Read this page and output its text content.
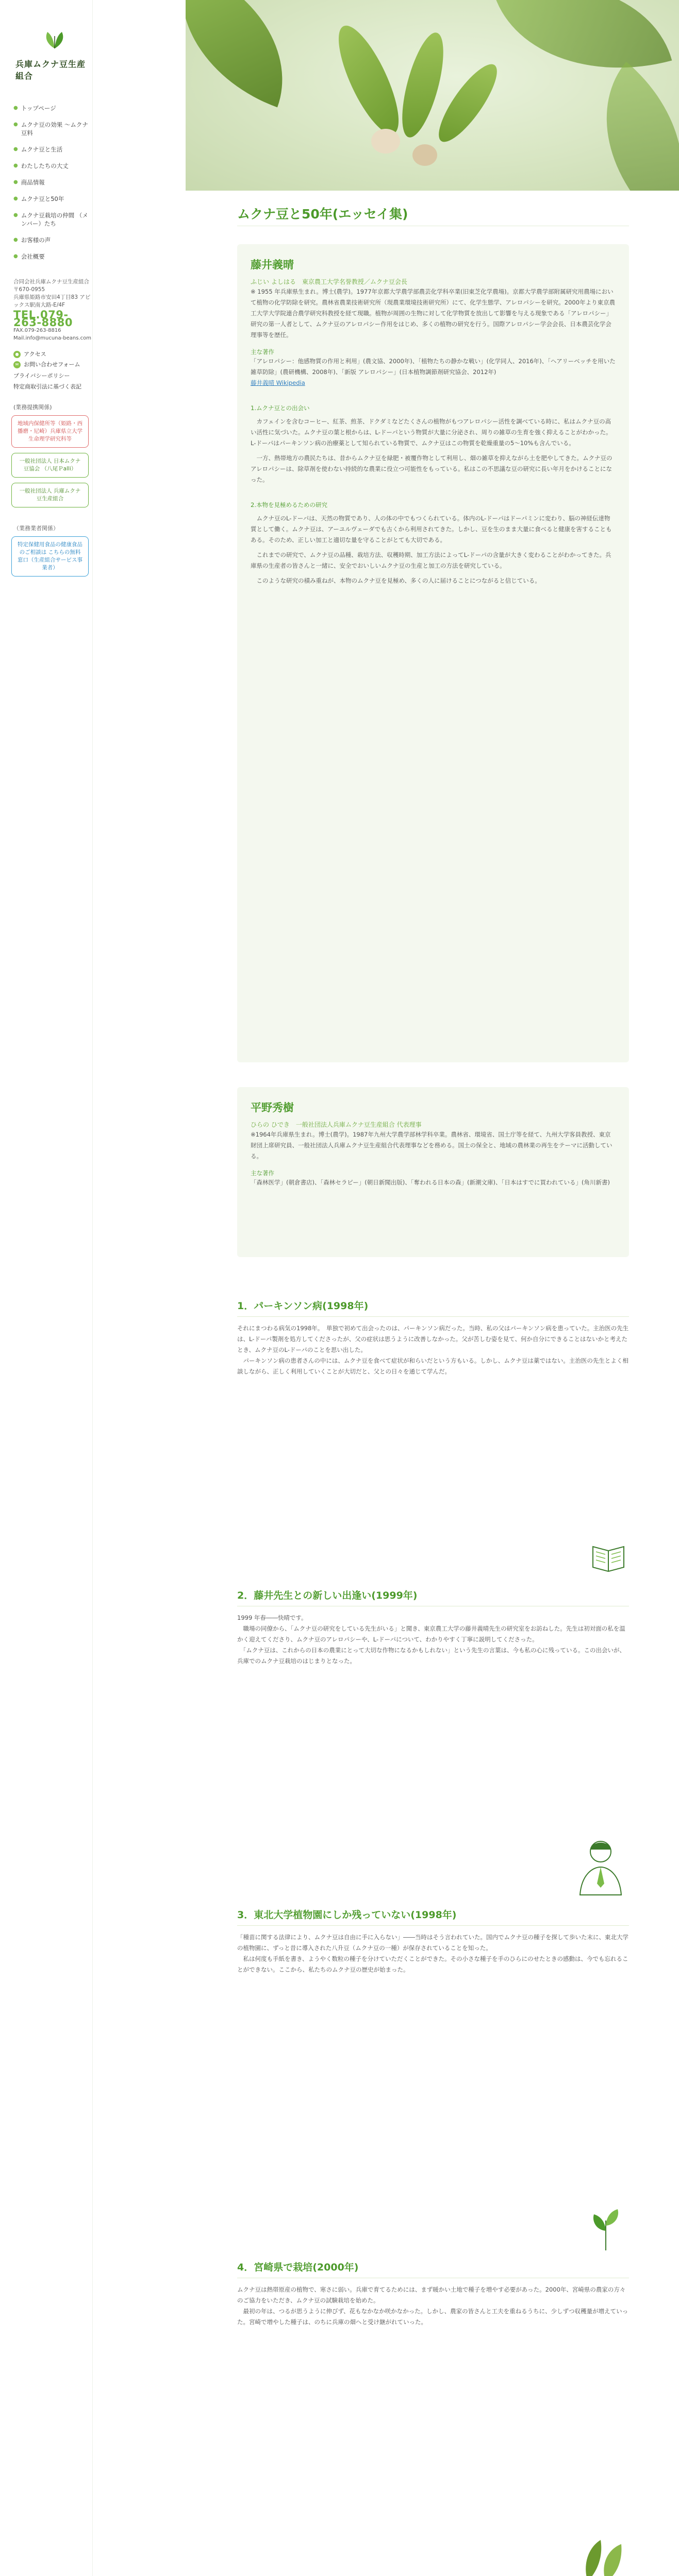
兵庫ムクナ豆生産組合
● トップページ
● ムクナ豆の効果 ～ムクナ豆料
● ムクナ豆と生活
● わたしたちの大丈
● 商品情報
● ムクナ豆と50年
● ムクナ豆栽培の仲間 （メンバー）たち
● お客様の声
● 会社概要
合同会社兵庫ムクナ豆生産組合
〒670-0955
兵庫県姫路市安田4丁目83 アビックス駅南大路-E/4F
TEL.079-263-8880
FAX.079-263-8816
Mail.info@mucuna-beans.com
● アクセス
✉ お問い合わせフォーム
プライバシーポリシー
特定商取引法に基づく表記
(業務提携関係)
地域内保健所等（姫路・西播磨・尼崎）兵庫県立大学生命理学研究科等
一般社団法人 日本ムクナ豆協会 （八尾Ｐalli）
一般社団法人 兵庫ムクナ豆生産組合
（業務業者関係）
特定保健用食品の健康食品のご相談は こちらの無料窓口（生産組合サービス事業者）
ムクナ豆と50年(エッセイ集)
藤井義晴
ふじい よしはる　東京農工大学名誉教授／ムクナ豆会長

※ 1955 年兵庫県生まれ。博士(農学)。1977年京都大学農学部農芸化学科卒業(旧東芝化学農場)。京都大学農学部附属研究用農場において植物の化学防除を研究。農林省農業技術研究所（現農業環境技術研究所）にて、化学生態学、アレロパシーを研究。2000年より東京農工大学大学院連合農学研究科教授を経て現職。植物が周囲の生物に対して化学物質を放出して影響を与える現象である「アレロパシー」研究の第一人者として、ムクナ豆のアレロパシー作用をはじめ、多くの植物の研究を行う。国際アレロパシー学会会長、日本農芸化学会理事等を歴任。

主な著作

「アレロパシー：他感物質の作用と利用」(農文協、2000年)、「植物たちの静かな戦い」(化学同人、2016年)、「ヘアリーベッチを用いた雑草防除」(農研機構、2008年)、「新版 アレロパシー」(日本植物調節剤研究協会、2012年)

藤井義晴 Wikipedia

1.ムクナ豆との出会い

　カフェインを含むコーヒー、紅茶、煎茶、ドクダミなどたくさんの植物がもつアレロパシー活性を調べている時に、私はムクナ豆の高い活性に気づいた。ムクナ豆の葉と根からは、L-ドーパという物質が大量に分泌され、周りの雑草の生育を強く抑えることがわかった。L-ドーパはパーキンソン病の治療薬として知られている物質で、ムクナ豆はこの物質を乾燥重量の5～10%も含んでいる。

　一方、熱帯地方の農民たちは、昔からムクナ豆を緑肥・被覆作物として利用し、畑の雑草を抑えながら土を肥やしてきた。ムクナ豆のアレロパシーは、除草剤を使わない持続的な農業に役立つ可能性をもっている。私はこの不思議な豆の研究に長い年月をかけることになった。

2.本物を見極めるための研究

　ムクナ豆のL-ドーパは、天然の物質であり、人の体の中でもつくられている。体内のL-ドーパはドーパミンに変わり、脳の神経伝達物質として働く。ムクナ豆は、アーユルヴェーダでも古くから利用されてきた。しかし、豆を生のまま大量に食べると健康を害することもある。そのため、正しい加工と適切な量を守ることがとても大切である。

　これまでの研究で、ムクナ豆の品種、栽培方法、収穫時期、加工方法によってL-ドーパの含量が大きく変わることがわかってきた。兵庫県の生産者の皆さんと一緒に、安全でおいしいムクナ豆の生産と加工の方法を研究している。

　このような研究の積み重ねが、本物のムクナ豆を見極め、多くの人に届けることにつながると信じている。

平野秀樹
ひらの ひでき　一般社団法人兵庫ムクナ豆生産組合 代表理事

※1964年兵庫県生まれ。博士(農学)。1987年九州大学農学部林学科卒業。農林省、環境省、国土庁等を経て、九州大学客員教授、東京財団上席研究員、一般社団法人兵庫ムクナ豆生産組合代表理事などを務める。国土の保全と、地域の農林業の再生をテーマに活動している。

主な著作

「森林医学」(朝倉書店)、「森林セラピー」(朝日新聞出版)、「奪われる日本の森」(新潮文庫)、「日本はすでに買われている」(角川新書)

1．パーキンソン病(1998年)

それにまつわる病気の1998年。　単独で初めて出会ったのは、パーキンソン病だった。当時、私の父はパーキンソン病を患っていた。主治医の先生は、L-ドーパ製剤を処方してくださったが、父の症状は思うように改善しなかった。父が苦しむ姿を見て、何か自分にできることはないかと考えたとき、ムクナ豆のL-ドーパのことを思い出した。
　パーキンソン病の患者さんの中には、ムクナ豆を食べて症状が和らいだという方もいる。しかし、ムクナ豆は薬ではない。主治医の先生とよく相談しながら、正しく利用していくことが大切だと、父との日々を通じて学んだ。

2．藤井先生との新しい出逢い(1999年)

1999 年春――快晴です。
　職場の同僚から、「ムクナ豆の研究をしている先生がいる」と聞き、東京農工大学の藤井義晴先生の研究室をお訪ねした。先生は初対面の私を温かく迎えてくださり、ムクナ豆のアレロパシーや、L-ドーパについて、わかりやすく丁寧に説明してくださった。
　「ムクナ豆は、これからの日本の農業にとって大切な作物になるかもしれない」という先生の言葉は、今も私の心に残っている。この出会いが、兵庫でのムクナ豆栽培のはじまりとなった。

3．東北大学植物園にしか残っていない(1998年)

「種苗に関する法律により、ムクナ豆は自由に手に入らない」――当時はそう言われていた。国内でムクナ豆の種子を探して歩いた末に、東北大学の植物園に、ずっと昔に導入された八升豆（ムクナ豆の一種）が保存されていることを知った。
　私は何度も手紙を書き、ようやく数粒の種子を分けていただくことができた。その小さな種子を手のひらにのせたときの感動は、今でも忘れることができない。ここから、私たちのムクナ豆の歴史が始まった。

4．宮崎県で栽培(2000年)

ムクナ豆は熱帯原産の植物で、寒さに弱い。兵庫で育てるためには、まず暖かい土地で種子を増やす必要があった。2000年、宮崎県の農家の方々のご協力をいただき、ムクナ豆の試験栽培を始めた。
　最初の年は、つるが思うように伸びず、花もなかなか咲かなかった。しかし、農家の皆さんと工夫を重ねるうちに、少しずつ収穫量が増えていった。宮崎で増やした種子は、のちに兵庫の畑へと受け継がれていった。
